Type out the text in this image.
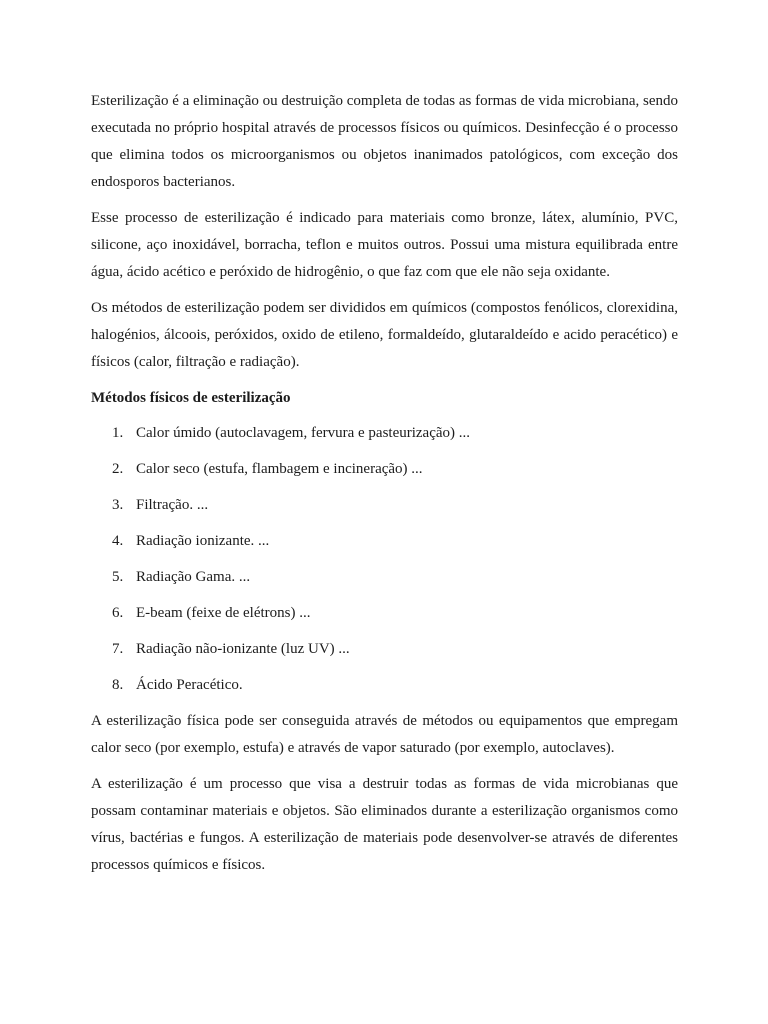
Esterilização é a eliminação ou destruição completa de todas as formas de vida microbiana, sendo executada no próprio hospital através de processos físicos ou químicos. Desinfecção é o processo que elimina todos os microorganismos ou objetos inanimados patológicos, com exceção dos endosporos bacterianos.

Esse processo de esterilização é indicado para materiais como bronze, látex, alumínio, PVC, silicone, aço inoxidável, borracha, teflon e muitos outros. Possui uma mistura equilibrada entre água, ácido acético e peróxido de hidrogênio, o que faz com que ele não seja oxidante.

Os métodos de esterilização podem ser divididos em químicos (compostos fenólicos, clorexidina, halogénios, álcoois, peróxidos, oxido de etileno, formaldeído, glutaraldeído e acido peracético) e físicos (calor, filtração e radiação).

Métodos físicos de esterilização
1. Calor úmido (autoclavagem, fervura e pasteurização) ...
2. Calor seco (estufa, flambagem e incineração) ...
3. Filtração. ...
4. Radiação ionizante. ...
5. Radiação Gama. ...
6. E-beam (feixe de elétrons) ...
7. Radiação não-ionizante (luz UV) ...
8. Ácido Peracético.

A esterilização física pode ser conseguida através de métodos ou equipamentos que empregam calor seco (por exemplo, estufa) e através de vapor saturado (por exemplo, autoclaves).

A esterilização é um processo que visa a destruir todas as formas de vida microbianas que possam contaminar materiais e objetos. São eliminados durante a esterilização organismos como vírus, bactérias e fungos. A esterilização de materiais pode desenvolver-se através de diferentes processos químicos e físicos.
